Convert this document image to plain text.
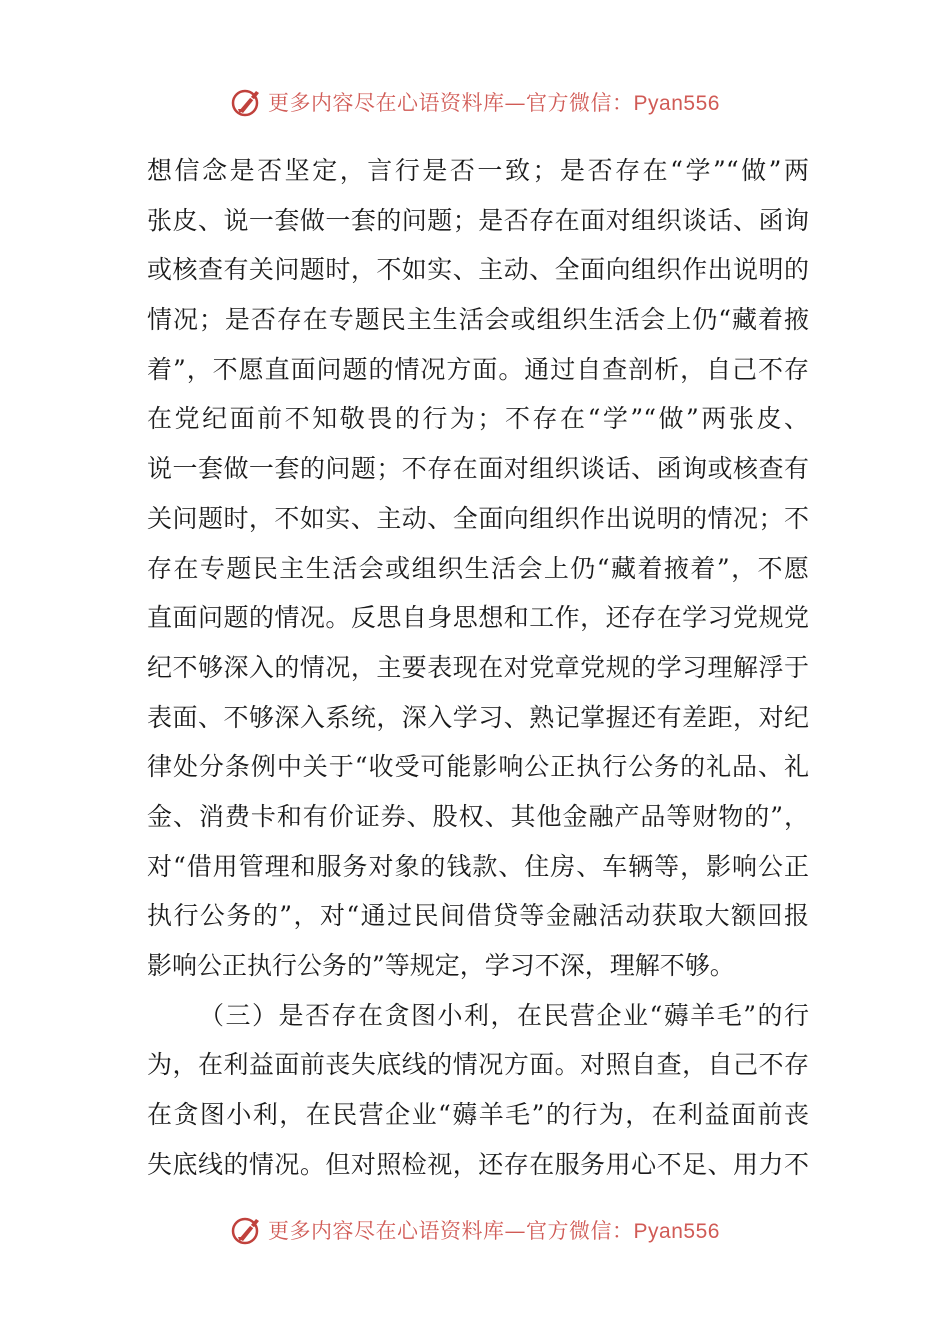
更多内容尽在心语资料库—官方微信：Pyan556
想信念是否坚定，言行是否一致；是否存在“学”“做”两
张皮、说一套做一套的问题；是否存在面对组织谈话、函询
或核查有关问题时，不如实、主动、全面向组织作出说明的
情况；是否存在专题民主生活会或组织生活会上仍“藏着掖
着”，不愿直面问题的情况方面。通过自查剖析，自己不存
在党纪面前不知敬畏的行为；不存在“学”“做”两张皮、
说一套做一套的问题；不存在面对组织谈话、函询或核查有
关问题时，不如实、主动、全面向组织作出说明的情况；不
存在专题民主生活会或组织生活会上仍“藏着掖着”，不愿
直面问题的情况。反思自身思想和工作，还存在学习党规党
纪不够深入的情况，主要表现在对党章党规的学习理解浮于
表面、不够深入系统，深入学习、熟记掌握还有差距，对纪
律处分条例中关于“收受可能影响公正执行公务的礼品、礼
金、消费卡和有价证券、股权、其他金融产品等财物的”，
对“借用管理和服务对象的钱款、住房、车辆等，影响公正
执行公务的”，对“通过民间借贷等金融活动获取大额回报
影响公正执行公务的”等规定，学习不深，理解不够。
（三）是否存在贪图小利，在民营企业“薅羊毛”的行
为，在利益面前丧失底线的情况方面。对照自查，自己不存
在贪图小利，在民营企业“薅羊毛”的行为，在利益面前丧
失底线的情况。但对照检视，还存在服务用心不足、用力不
更多内容尽在心语资料库—官方微信：Pyan556
